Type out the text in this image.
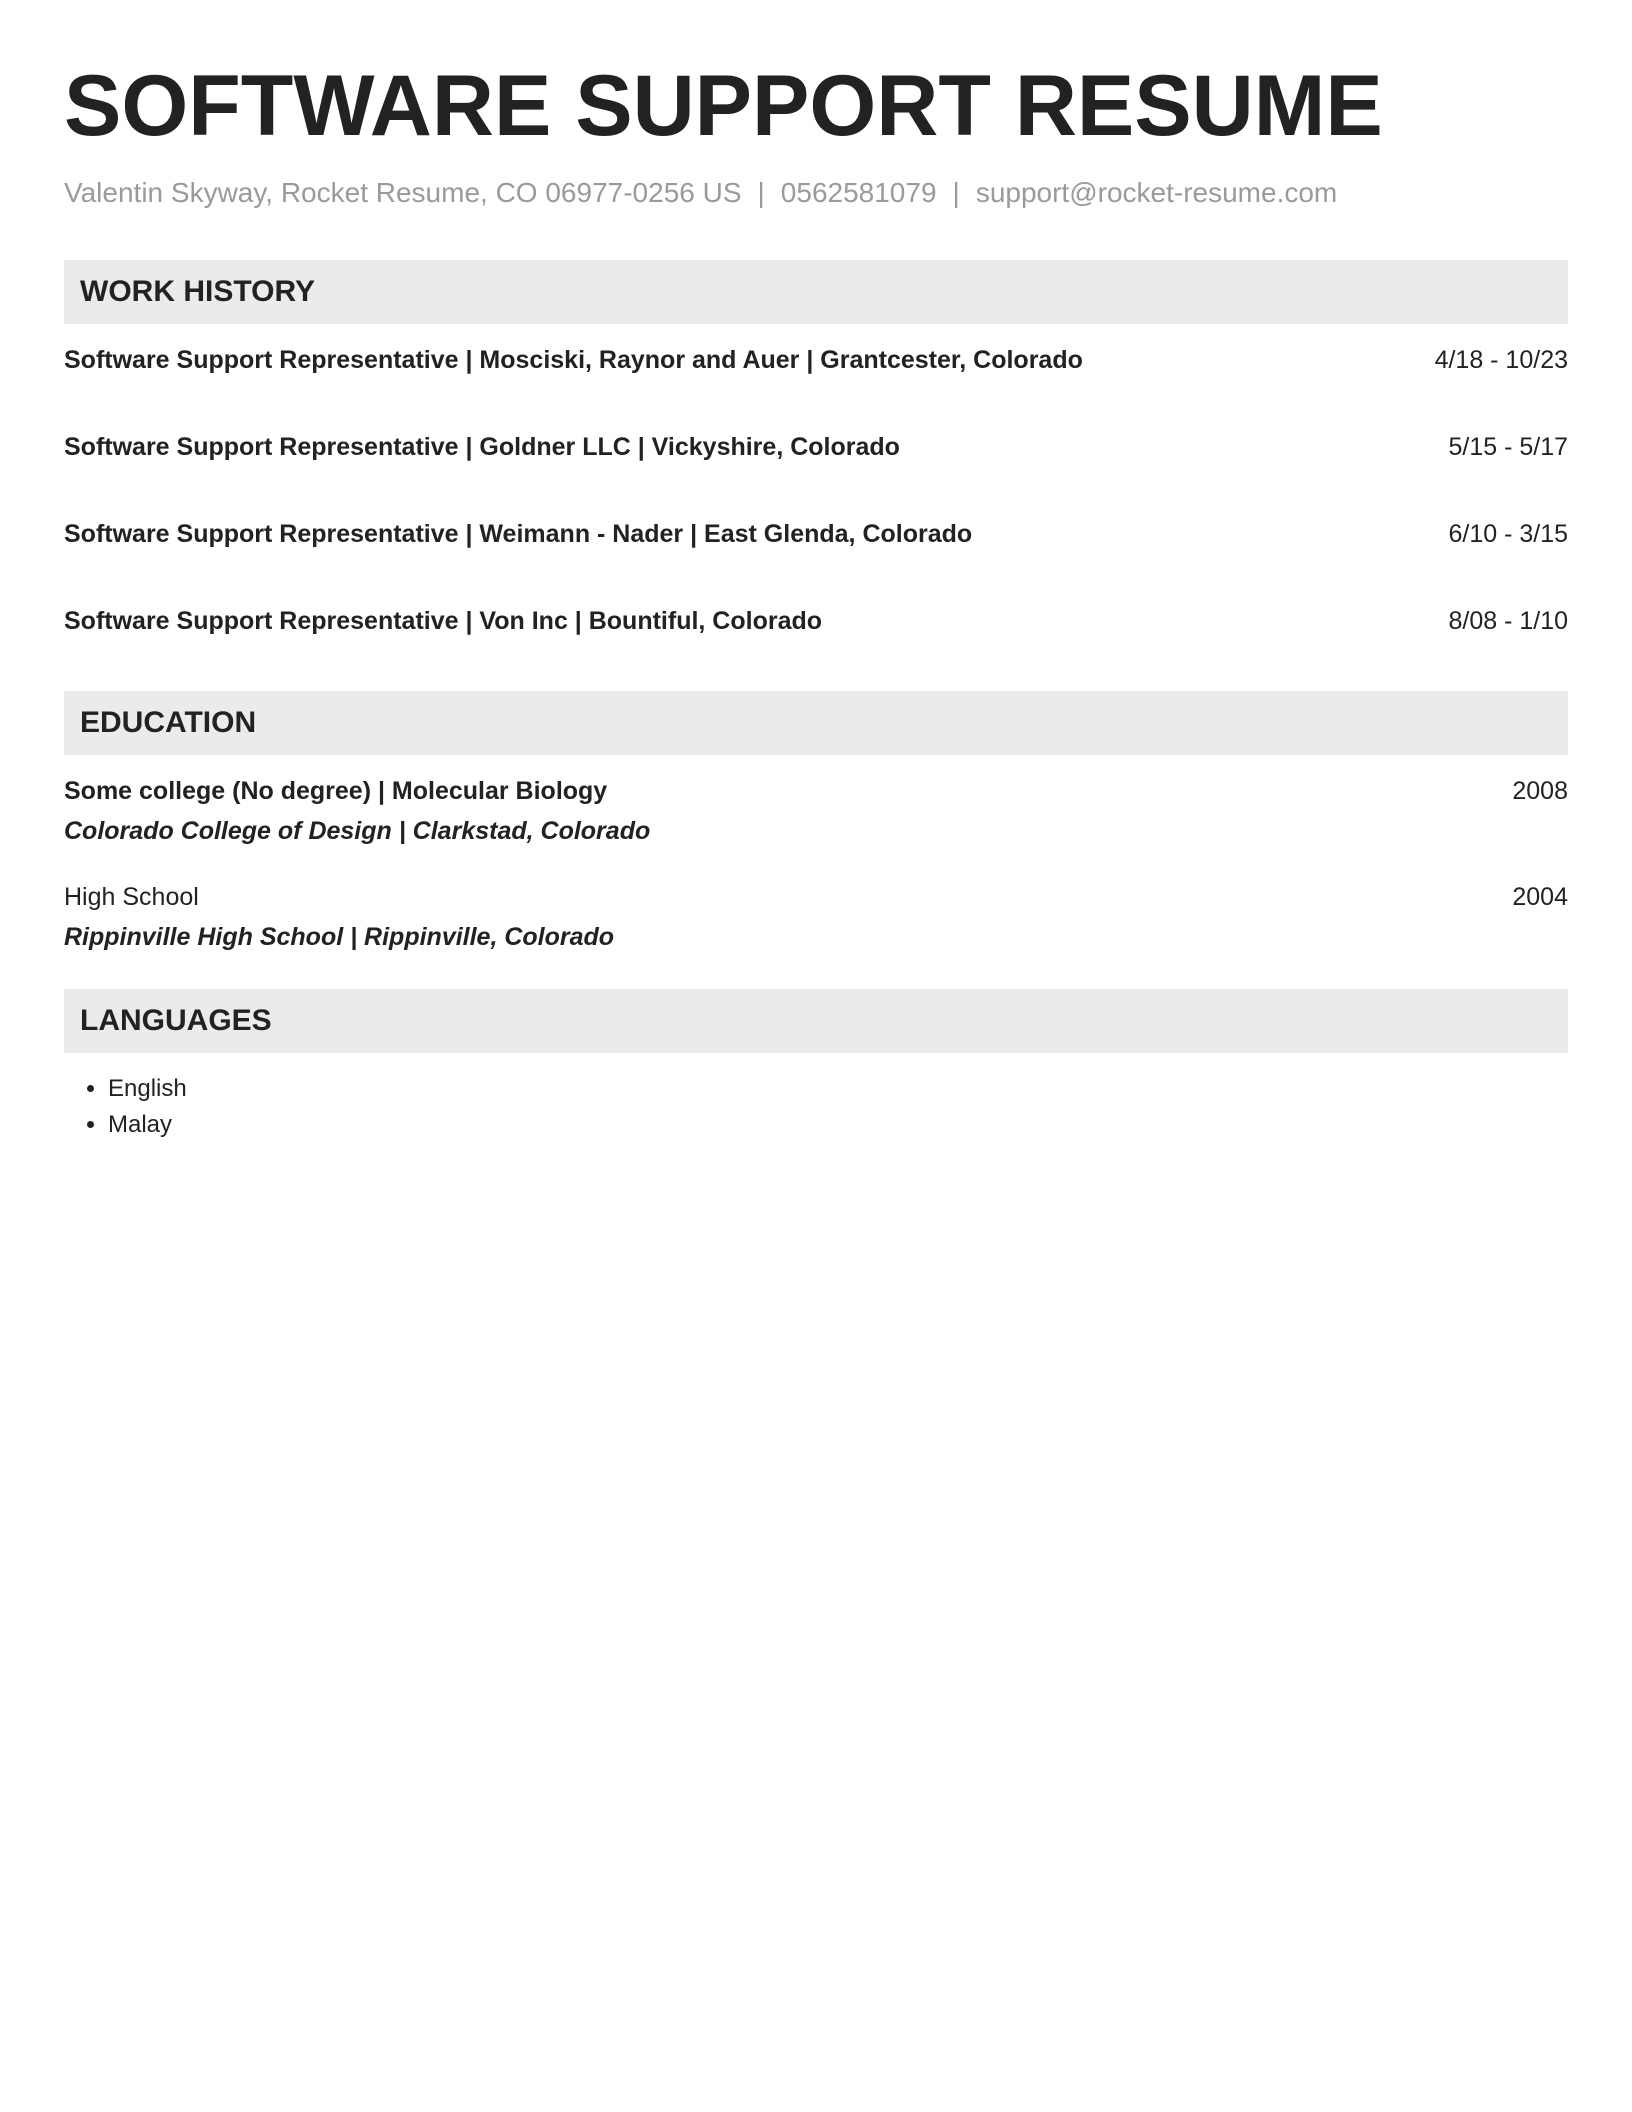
SOFTWARE SUPPORT RESUME
Valentin Skyway, Rocket Resume, CO 06977-0256 US | 0562581079 | support@rocket-resume.com
WORK HISTORY
Software Support Representative | Mosciski, Raynor and Auer | Grantcester, Colorado	4/18 - 10/23
Software Support Representative | Goldner LLC | Vickyshire, Colorado	5/15 - 5/17
Software Support Representative | Weimann - Nader | East Glenda, Colorado	6/10 - 3/15
Software Support Representative | Von Inc | Bountiful, Colorado	8/08 - 1/10
EDUCATION
Some college (No degree) | Molecular Biology	2008
Colorado College of Design | Clarkstad, Colorado
High School	2004
Rippinville High School | Rippinville, Colorado
LANGUAGES
• English
• Malay
